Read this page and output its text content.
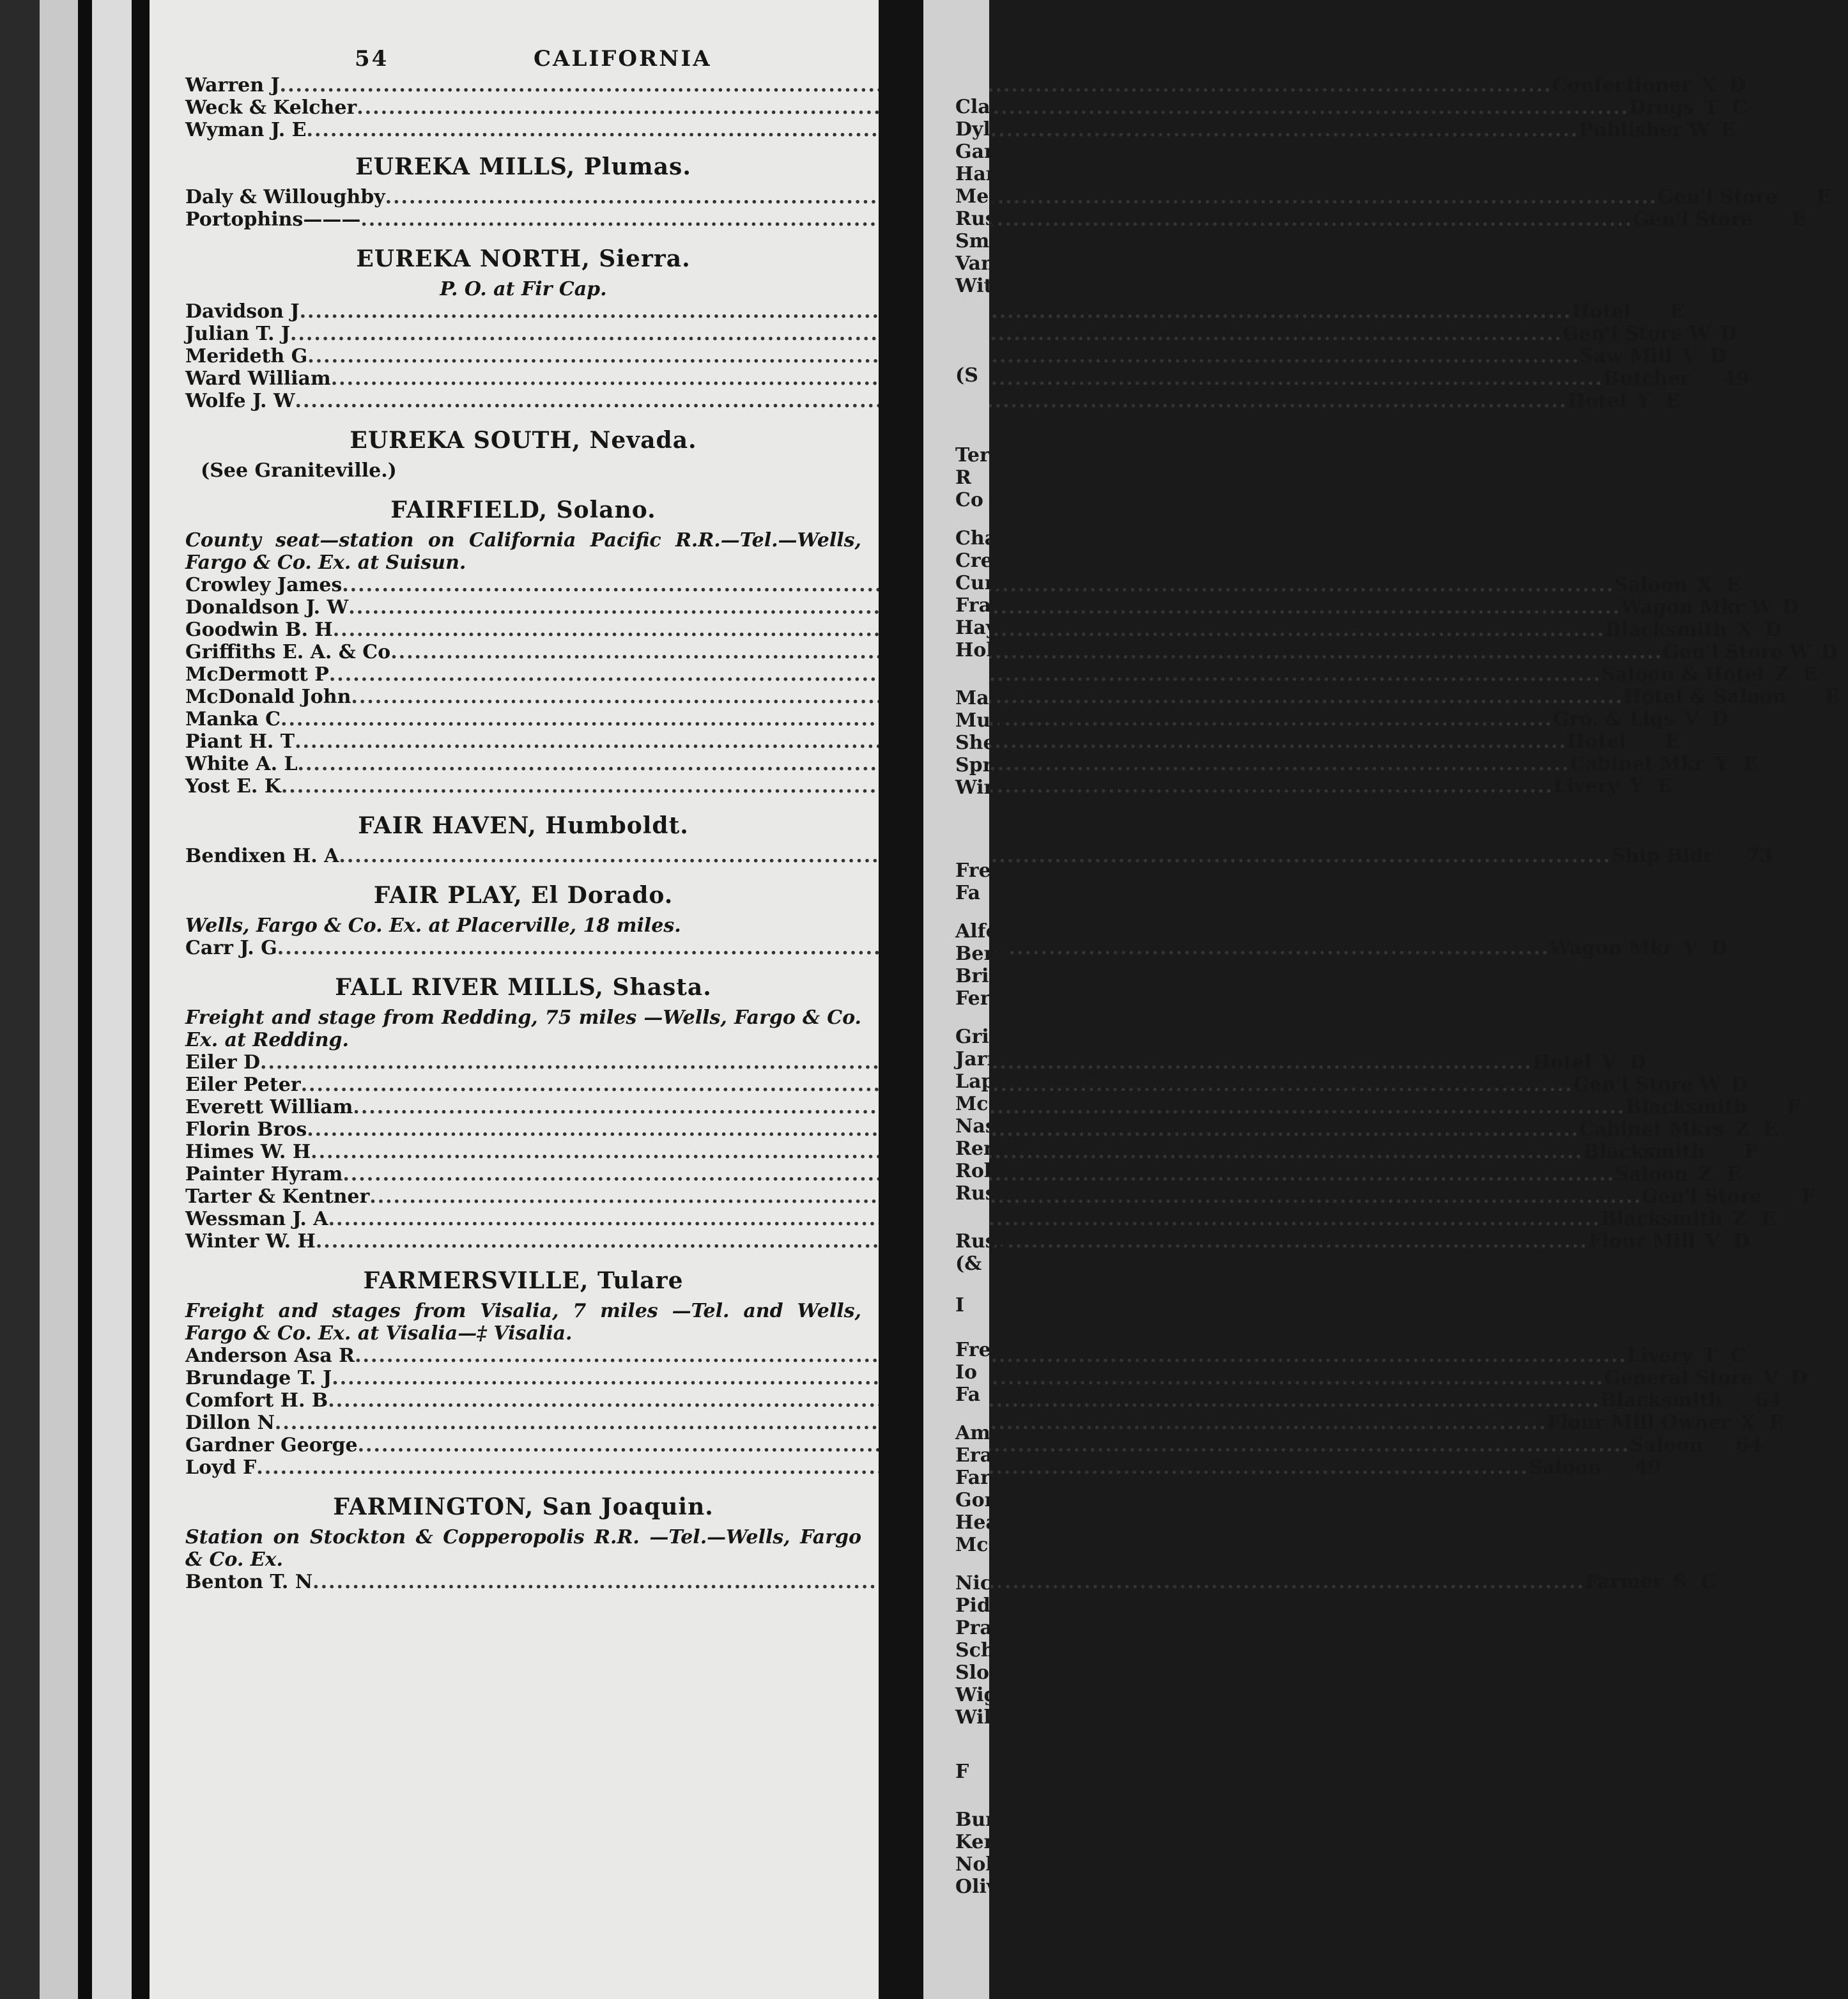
54	CALIFORNIA
Warren J .....	Confectioner X D
Weck & Kelcher .....	Drugs T C
Wyman J. E .....	Publisher W E
EUREKA MILLS, Plumas.
Daly & Willoughby .....	Gen'l Store	E
Portophins——— .....	Gen'l Store	E
EUREKA NORTH, Sierra.
P. O. at Fir Cap.
Davidson J .....	Hotel	E
Julian T. J .....	Gen'l Store W D
Merideth G .....	Saw Mill V D
Ward William .....	Butcher 49
Wolfe J. W .....	Hotel Y E
EUREKA SOUTH, Nevada.
(See Graniteville.)
FAIRFIELD, Solano.
County seat—station on California Pacific R.R.—Tel.—Wells, Fargo & Co. Ex. at Suisun.
Crowley James .....	Saloon X E
Donaldson J. W .....	Wagon Mkr W D
Goodwin B. H .....	Blacksmith X D
Griffiths E. A. & Co .....	Gen'l Store W D
McDermott P .....	Saloon & Hotel Z E
McDonald John .....	Hotel & Saloon	E
Manka C .....	Gro. & Liqs V D
Piant H. T .....	Hotel	E
White A. L .....	Cabinet Mkr Y E
Yost E. K .....	Livery Y E
FAIR HAVEN, Humboldt.
Bendixen H. A .....	Ship Bldr 73
FAIR PLAY, El Dorado.
Wells, Fargo & Co. Ex. at Placerville, 18 miles.
Carr J. G .....	Wagon Mkr V D
FALL RIVER MILLS, Shasta.
Freight and stage from Redding, 75 miles —Wells, Fargo & Co. Ex. at Redding.
Eiler D .....	Hotel V D
Eiler Peter .....	Gen'l Store W D
Everett William .....	Blacksmith	F
Florin Bros .....	Cabinet Mkrs Z E
Himes W. H .....	Blacksmith	F
Painter Hyram .....	Saloon Z E
Tarter & Kentner .....	Gen'l Store	F
Wessman J. A .....	Blacksmith Z E
Winter W. H .....	Flour Mill V D
FARMERSVILLE, Tulare
Freight and stages from Visalia, 7 miles —Tel. and Wells, Fargo & Co. Ex. at Visalia—‡ Visalia.
Anderson Asa R .....	Livery T C
Brundage T. J .....	General Store V D
Comfort H. B .....	Blacksmith 64
Dillon N .....	Flour Mill Owner X E
Gardner George .....	Saloon 64
Loyd F .....	Saloon 49
FARMINGTON, San Joaquin.
Station on Stockton & Copperopolis R.R. —Tel.—Wells, Fargo & Co. Ex.
Benton T. N .....	Farmer S C
Cla
Dyl
Gar
Har
Met
Rus
Smi
Van
Wit
(S
Ter
R
Co
Cha
Cre
Cun
Fra
Hay
Hol
Mat
Mun
She
Spr
Win
Frei
Fa
Alfo
Berd
Brie
Fern
Grin
Jarr
Lapl
McC
Nasl
Renf
Robe
Russ
Russ
(&
I
Frei
Io
Fa
Amy
Erar
Farn
Gon
Head
McC
Nich
Pidg
Prat
Scha
Sloa
Wigl
Will
F
Bum
Kenn
Nola
Olive
